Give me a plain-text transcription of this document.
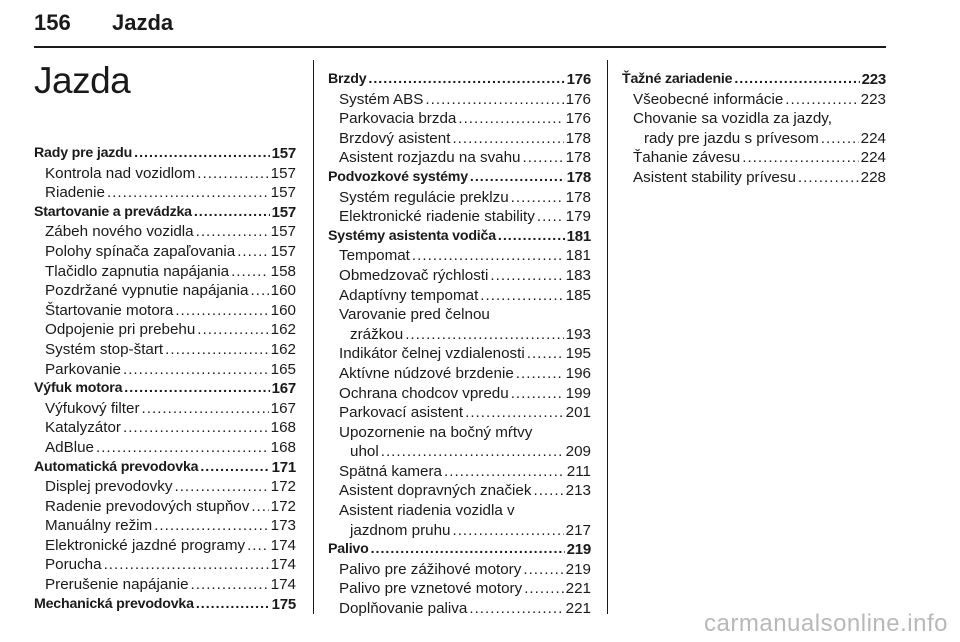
156 Jazda
Jazda
Rady pre jazdu .....	157
Kontrola nad vozidlom .....	157
Riadenie .....	157
Startovanie a prevádzka .....	157
Zábeh nového vozidla .....	157
Polohy spínača zapaľovania ..... 157
Tlačidlo zapnutia napájania .....	158
Pozdržané vypnutie napájania ..... 160
Štartovanie motora .....	160
Odpojenie pri prebehu .....	162
Systém stop-štart .....	162
Parkovanie .....	165
Výfuk motora .....	167
Výfukový filter .....	167
Katalyzátor .....	168
AdBlue .....	168
Automatická prevodovka .....	171
Displej prevodovky .....	172
Radenie prevodových stupňov ..... 172
Manuálny režim .....	173
Elektronické jazdné programy ..... 174
Porucha .....	174
Prerušenie napájanie .....	174
Mechanická prevodovka .....	175
Brzdy .....	176
Systém ABS .....	176
Parkovacia brzda .....	176
Brzdový asistent .....	178
Asistent rozjazdu na svahu .....	178
Podvozkové systémy .....	178
Systém regulácie preklzu .....	178
Elektronické riadenie stability ..... 179
Systémy asistenta vodiča .....	181
Tempomat .....	181
Obmedzovač rýchlosti .....	183
Adaptívny tempomat .....	185
Varovanie pred čelnou
zrážkou .....	193
Indikátor čelnej vzdialenosti .....	195
Aktívne núdzové brzdenie .....	196
Ochrana chodcov vpredu .....	199
Parkovací asistent .....	201
Upozornenie na bočný mŕtvy
uhol .....	209
Spätná kamera .....	211
Asistent dopravných značiek ..... 213
Asistent riadenia vozidla v
jazdnom pruhu .....	217
Palivo .....	219
Palivo pre zážihové motory .....	219
Palivo pre vznetové motory .....	221
Doplňovanie paliva .....	221
Ťažné zariadenie .....	223
Všeobecné informácie .....	223
Chovanie sa vozidla za jazdy,
rady pre jazdu s prívesom .....	224
Ťahanie závesu .....	224
Asistent stability prívesu .....	228
carmanualsonline.info
